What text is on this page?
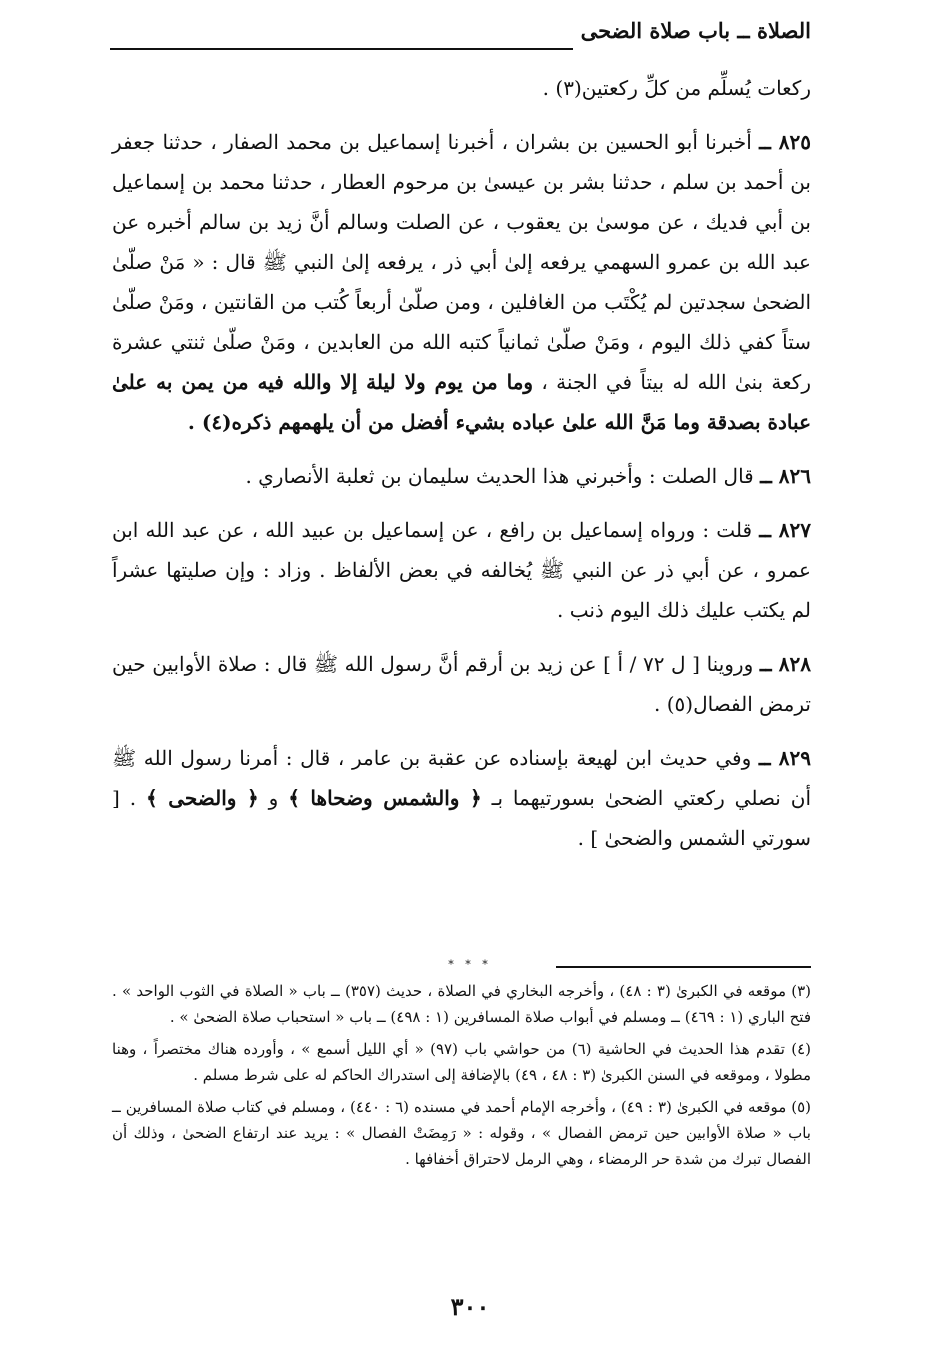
الصلاة ــ باب صلاة الضحى

ركعات يُسلِّم من كلِّ ركعتين(٣) .

٨٢٥ ــ أخبرنا أبو الحسين بن بشران ، أخبرنا إسماعيل بن محمد الصفار ، حدثنا جعفر بن أحمد بن سلم ، حدثنا بشر بن عيسىٰ بن مرحوم العطار ، حدثنا محمد بن إسماعيل بن أبي فديك ، عن موسىٰ بن يعقوب ، عن الصلت وسالم أنَّ زيد بن سالم أخبره عن عبد الله بن عمرو السهمي يرفعه إلىٰ أبي ذر ، يرفعه إلىٰ النبي ﷺ قال : « مَنْ صلّىٰ الضحىٰ سجدتين لم يُكْتَب من الغافلين ، ومن صلّىٰ أربعاً كُتب من القانتين ، ومَنْ صلّىٰ ستاً كفي ذلك اليوم ، ومَنْ صلّىٰ ثمانياً كتبه الله من العابدين ، ومَنْ صلّىٰ ثنتي عشرة ركعة بنىٰ الله له بيتاً في الجنة ، وما من يوم ولا ليلة إلا والله فيه من يمن به علىٰ عبادة بصدقة وما مَنَّ الله علىٰ عباده بشيء أفضل من أن يلهمهم ذكره(٤) .

٨٢٦ ــ قال الصلت : وأخبرني هذا الحديث سليمان بن ثعلبة الأنصاري .

٨٢٧ ــ قلت : ورواه إسماعيل بن رافع ، عن إسماعيل بن عبيد الله ، عن عبد الله ابن عمرو ، عن أبي ذر عن النبي ﷺ يُخالفه في بعض الألفاظ . وزاد : وإن صليتها عشراً لم يكتب عليك ذلك اليوم ذنب .

٨٢٨ ــ وروينا [ ل ٧٢ / أ ] عن زيد بن أرقم أنَّ رسول الله ﷺ قال : صلاة الأوابين حين ترمض الفصال(٥) .

٨٢٩ ــ وفي حديث ابن لهيعة بإسناده عن عقبة بن عامر ، قال : أمرنا رسول الله ﷺ أن نصلي ركعتي الضحىٰ بسورتيهما بـ ﴿ والشمس وضحاها ﴾ و ﴿ والضحى ﴾ . [ سورتي الشمس والضحىٰ ] .

* * *

(٣) موقعه في الكبرىٰ (٣ : ٤٨) ، وأخرجه البخاري في الصلاة ، حديث (٣٥٧) ــ باب « الصلاة في الثوب الواحد » . فتح الباري (١ : ٤٦٩) ــ ومسلم في أبواب صلاة المسافرين (١ : ٤٩٨) ــ باب « استحباب صلاة الضحىٰ » .

(٤) تقدم هذا الحديث في الحاشية (٦) من حواشي باب (٩٧) « أي الليل أسمع » ، وأورده هناك مختصراً ، وهنا مطولا ، وموقعه في السنن الكبرىٰ (٣ : ٤٨ ، ٤٩) بالإضافة إلى استدراك الحاكم له على شرط مسلم .

(٥) موقعه في الكبرىٰ (٣ : ٤٩) ، وأخرجه الإمام أحمد في مسنده (٦ : ٤٤٠) ، ومسلم في كتاب صلاة المسافرين ــ باب « صلاة الأوابين حين ترمض الفصال » ، وقوله : « رَمِضَتْ الفصال » : يريد عند ارتفاع الضحىٰ ، وذلك أن الفصال تبرك من شدة حر الرمضاء ، وهي الرمل لاحتراق أخفافها .

٣٠٠
